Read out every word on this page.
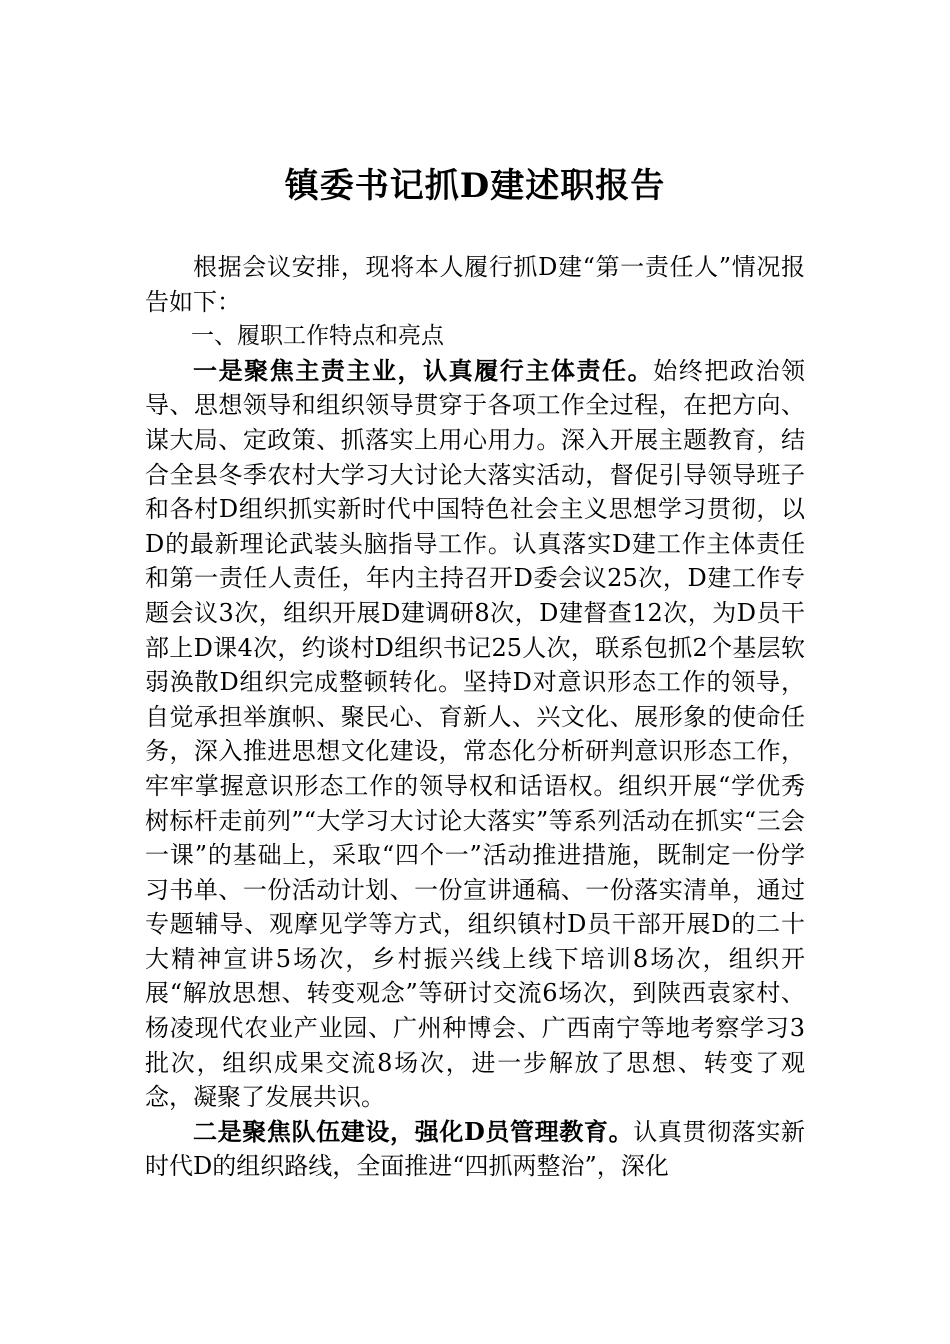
镇委书记抓D建述职报告

根据会议安排，现将本人履行抓D建“第一责任人”情况报告如下：

一、履职工作特点和亮点

一是聚焦主责主业，认真履行主体责任。始终把政治领导、思想领导和组织领导贯穿于各项工作全过程，在把方向、谋大局、定政策、抓落实上用心用力。深入开展主题教育，结合全县冬季农村大学习大讨论大落实活动，督促引导领导班子和各村D组织抓实新时代中国特色社会主义思想学习贯彻，以D的最新理论武装头脑指导工作。认真落实D建工作主体责任和第一责任人责任，年内主持召开D委会议25次，D建工作专题会议3次，组织开展D建调研8次，D建督查12次，为D员干部上D课4次，约谈村D组织书记25人次，联系包抓2个基层软弱涣散D组织完成整顿转化。坚持D对意识形态工作的领导，自觉承担举旗帜、聚民心、育新人、兴文化、展形象的使命任务，深入推进思想文化建设，常态化分析研判意识形态工作，牢牢掌握意识形态工作的领导权和话语权。组织开展“学优秀树标杆走前列”“大学习大讨论大落实”等系列活动在抓实“三会一课”的基础上，采取“四个一”活动推进措施，既制定一份学习书单、一份活动计划、一份宣讲通稿、一份落实清单，通过专题辅导、观摩见学等方式，组织镇村D员干部开展D的二十大精神宣讲5场次，乡村振兴线上线下培训8场次，组织开展“解放思想、转变观念”等研讨交流6场次，到陕西袁家村、杨凌现代农业产业园、广州种博会、广西南宁等地考察学习3批次，组织成果交流8场次，进一步解放了思想、转变了观念，凝聚了发展共识。

二是聚焦队伍建设，强化D员管理教育。认真贯彻落实新时代D的组织路线，全面推进“四抓两整治”，深化
